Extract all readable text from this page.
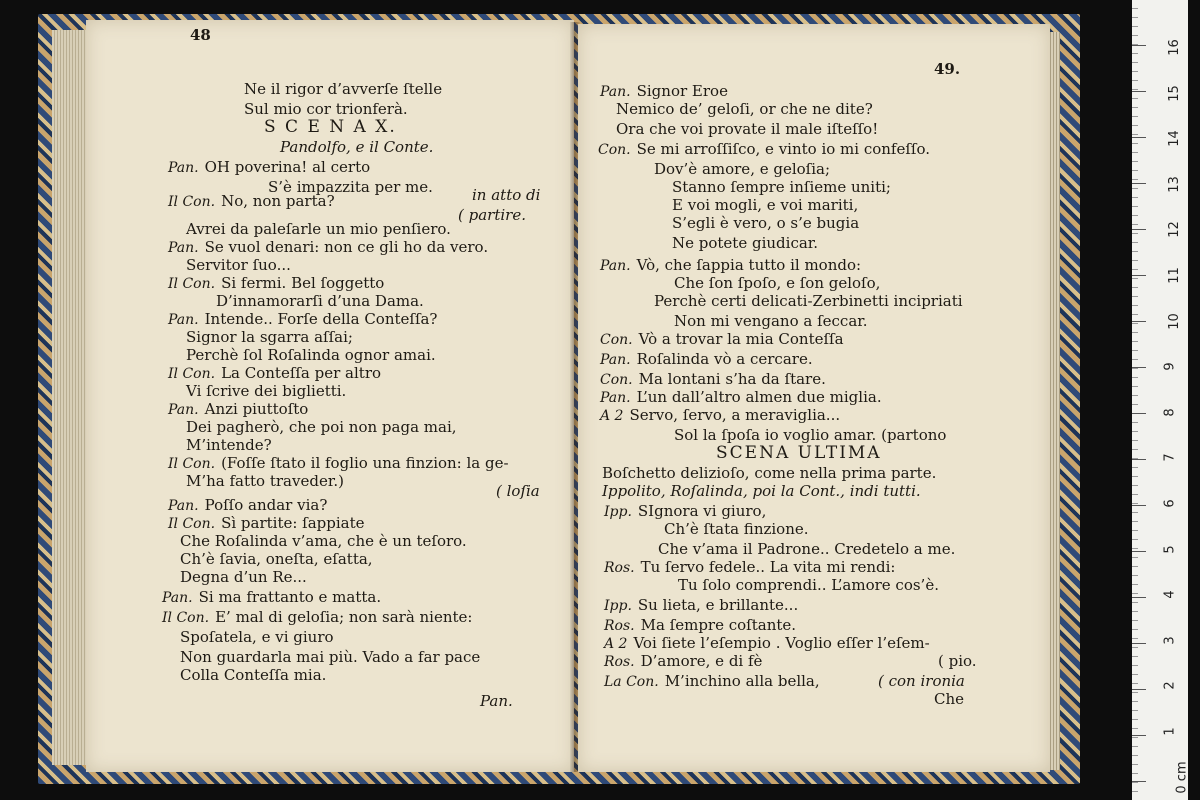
48
Ne il rigor d’avverſe ſtelle
Sul mio cor trionferà.
S C E N A X.
Pandolfo, e il Conte.
Pan. OH poverina! al certo
S’è impazzita per me.	in atto di
Il Con. No, non parta?
( partire.
Avrei da paleſarle un mio penſiero.
Pan. Se vuol denari: non ce gli ho da vero.
Servitor ſuo...
Il Con. Si fermi. Bel ſoggetto
D’innamorarſi d’una Dama.
Pan. Intende.. Forſe della Conteſſa?
Signor la sgarra aſſai;
Perchè ſol Roſalinda ognor amai.
Il Con. La Conteſſa per altro
Vi ſcrive dei biglietti.
Pan. Anzi piuttoſto
Dei pagherò, che poi non paga mai,
M’intende?
Il Con. (Foſſe ſtato il foglio una finzion: la ge-
M’ha fatto traveder.)
( loſia
Pan. Poſſo andar via?
Il Con. Sì partite: ſappiate
Che Roſalinda v’ama, che è un teſoro.
Ch’è ſavia, oneſta, eſatta,
Degna d’un Re...
Pan. Si ma frattanto e matta.
Il Con. E’ mal di geloſia; non sarà niente:
Spoſatela, e vi giuro
Non guardarla mai più. Vado a far pace
Colla Conteſſa mia.
Pan.
49.
Pan. Signor Eroe
Nemico de’ geloſi, or che ne dite?
Ora che voi provate il male iſteſſo!
Con. Se mi arroſſiſco, e vinto io mi confeſſo.
Dov’è amore, e geloſia;
Stanno ſempre inſieme uniti;
E voi mogli, e voi mariti,
S’egli è vero, o s’e bugia
Ne potete giudicar.
Pan. Vò, che ſappia tutto il mondo:
Che ſon ſpoſo, e ſon geloſo,
Perchè certi delicati-Zerbinetti incipriati
Non mi vengano a ſeccar.
Con. Vò a trovar la mia Conteſſa
Pan. Roſalinda vò a cercare.
Con. Ma lontani s’ha da ſtare.
Pan. L’un dall’altro almen due miglia.
A 2 Servo, ſervo, a meraviglia...
Sol la ſpoſa io voglio amar. (partono
SCENA ULTIMA
Boſchetto delizioſo, come nella prima parte.
Ippolito, Roſalinda, poi la Cont., indi tutti.
Ipp. SIgnora vi giuro,
Ch’è ſtata finzione.
Che v’ama il Padrone.. Credetelo a me.
Ros. Tu ſervo fedele.. La vita mi rendi:
Tu ſolo comprendi.. L’amore cos’è.
Ipp. Su lieta, e brillante...
Ros. Ma ſempre coſtante.
A 2 Voi ſiete l’eſempio . Voglio eſſer l’eſem-
Ros. D’amore, e di fè	( pio.
La Con. M’inchino alla bella,	( con ironia
Che
16
15
14
13
12
11
10
9
8
7
6
5
4
3
2
1
0 cm
